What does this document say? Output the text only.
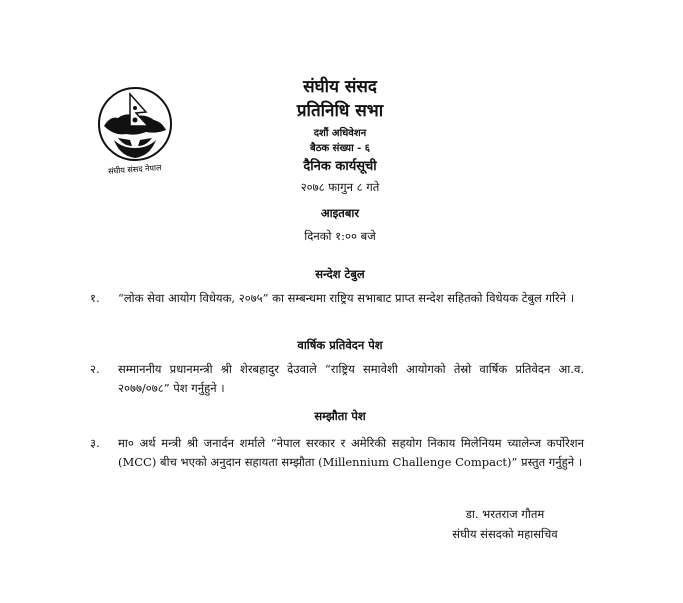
संघीय संसद नेपाल
संघीय संसद
प्रतिनिधि सभा
दशौं अधिवेशन
बैठक संख्या - ६
दैनिक कार्यसूची
२०७८ फागुन ८ गते
आइतबार
दिनको १:०० बजे
सन्देश टेबुल
१. “लोक सेवा आयोग विधेयक, २०७५” का सम्बन्धमा राष्ट्रिय सभाबाट प्राप्त सन्देश सहितको विधेयक टेबुल गरिने ।
वार्षिक प्रतिवेदन पेश
२. सम्माननीय प्रधानमन्त्री श्री शेरबहादुर देउवाले “राष्ट्रिय समावेशी आयोगको तेस्रो वार्षिक प्रतिवेदन आ.व. २०७७/०७८” पेश गर्नुहुने ।
सम्झौता पेश
३. मा० अर्थ मन्त्री श्री जनार्दन शर्माले “नेपाल सरकार र अमेरिकी सहयोग निकाय मिलेनियम च्यालेन्ज कर्पोरेशन (MCC) बीच भएको अनुदान सहायता सम्झौता (Millennium Challenge Compact)” प्रस्तुत गर्नुहुने ।
डा. भरतराज गौतम
संघीय संसदको महासचिव
